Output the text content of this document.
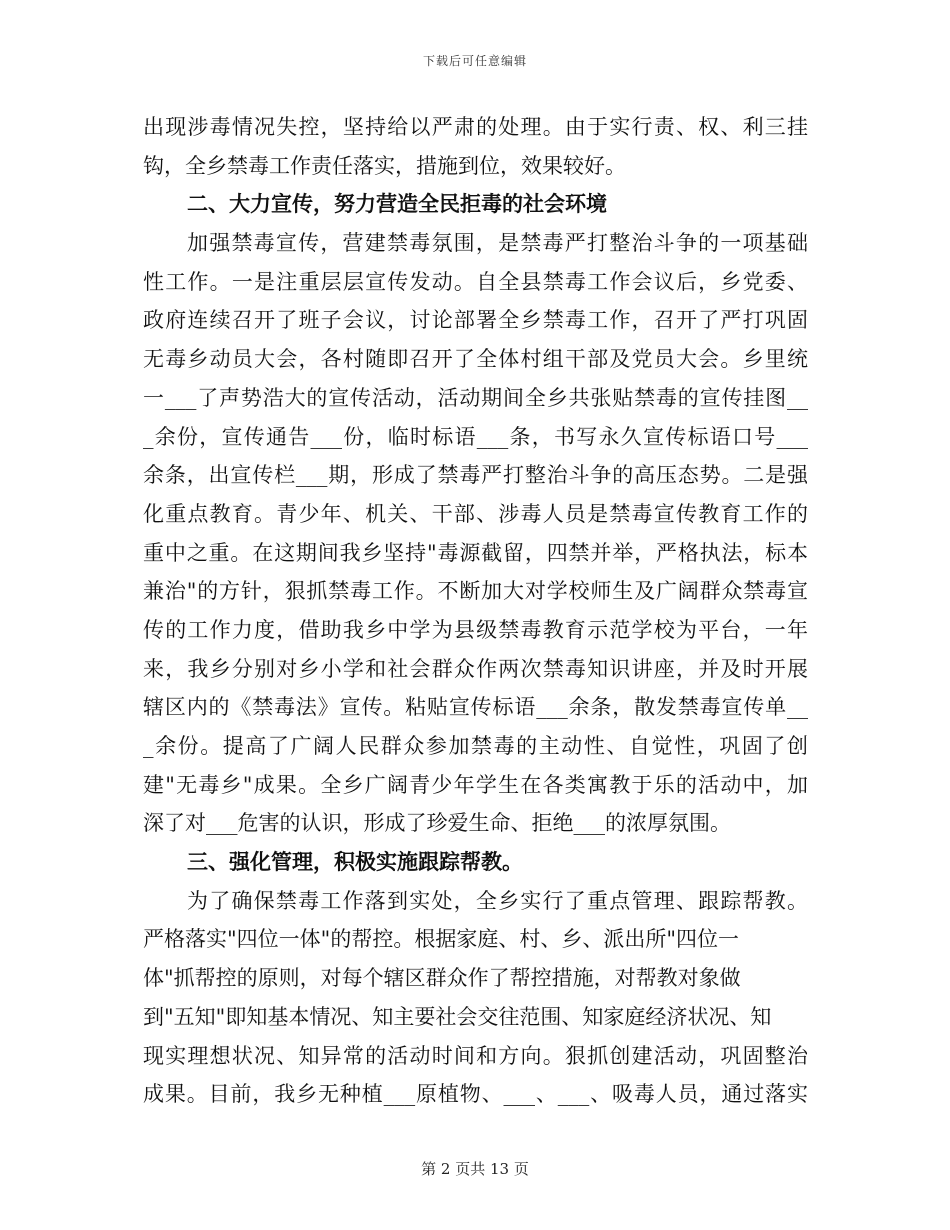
下载后可任意编辑
出现涉毒情况失控，坚持给以严肃的处理。由于实行责、权、利三挂
钩，全乡禁毒工作责任落实，措施到位，效果较好。
二、大力宣传，努力营造全民拒毒的社会环境
加强禁毒宣传，营建禁毒氛围，是禁毒严打整治斗争的一项基础
性工作。一是注重层层宣传发动。自全县禁毒工作会议后，乡党委、
政府连续召开了班子会议，讨论部署全乡禁毒工作，召开了严打巩固
无毒乡动员大会，各村随即召开了全体村组干部及党员大会。乡里统
一___了声势浩大的宣传活动，活动期间全乡共张贴禁毒的宣传挂图__
_余份，宣传通告___份，临时标语___条，书写永久宣传标语口号___
余条，出宣传栏___期，形成了禁毒严打整治斗争的高压态势。二是强
化重点教育。青少年、机关、干部、涉毒人员是禁毒宣传教育工作的
重中之重。在这期间我乡坚持"毒源截留，四禁并举，严格执法，标本
兼治"的方针，狠抓禁毒工作。不断加大对学校师生及广阔群众禁毒宣
传的工作力度，借助我乡中学为县级禁毒教育示范学校为平台，一年
来，我乡分别对乡小学和社会群众作两次禁毒知识讲座，并及时开展
辖区内的《禁毒法》宣传。粘贴宣传标语___余条，散发禁毒宣传单__
_余份。提高了广阔人民群众参加禁毒的主动性、自觉性，巩固了创
建"无毒乡"成果。全乡广阔青少年学生在各类寓教于乐的活动中，加
深了对___危害的认识，形成了珍爱生命、拒绝___的浓厚氛围。
三、强化管理，积极实施跟踪帮教。
为了确保禁毒工作落到实处，全乡实行了重点管理、跟踪帮教。
严格落实"四位一体"的帮控。根据家庭、村、乡、派出所"四位一
体"抓帮控的原则，对每个辖区群众作了帮控措施，对帮教对象做
到"五知"即知基本情况、知主要社会交往范围、知家庭经济状况、知
现实理想状况、知异常的活动时间和方向。狠抓创建活动，巩固整治
成果。目前，我乡无种植___原植物、___、___、吸毒人员，通过落实
第 2 页共 13 页
